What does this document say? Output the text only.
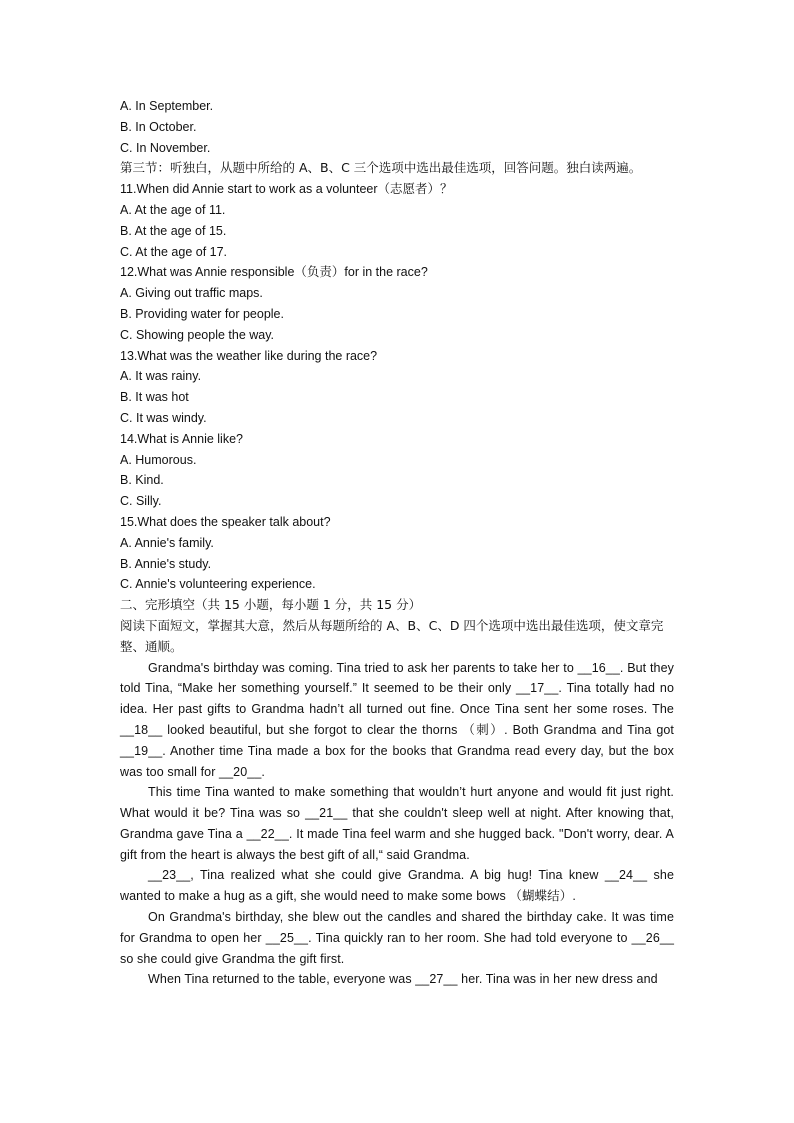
A. In September.

B. In October.

C. In November.

第三节：听独白，从题中所给的 A、B、C 三个选项中选出最佳选项，回答问题。独白读两遍。

11.When did Annie start to work as a volunteer（志愿者）？

A. At the age of 11.

B. At the age of 15.

C. At the age of 17.

12.What was Annie responsible（负责）for in the race?

A. Giving out traffic maps.

B. Providing water for people.

C. Showing people the way.

13.What was the weather like during the race?

A. It was rainy.

B. It was hot

C. It was windy.

14.What is Annie like?

A. Humorous.

B. Kind.

C. Silly.

15.What does the speaker talk about?

A. Annie's family.

B. Annie's study.

C. Annie's volunteering experience.

二、完形填空（共 15 小题，每小题 1 分，共 15 分）

阅读下面短文，掌握其大意，然后从每题所给的 A、B、C、D 四个选项中选出最佳选项，使文章完整、通顺。

Grandma's birthday was coming. Tina tried to ask her parents to take her to __16__. But they told Tina, “Make her something yourself.” It seemed to be their only __17__. Tina totally had no idea. Her past gifts to Grandma hadn’t all turned out fine. Once Tina sent her some roses. The __18__ looked beautiful, but she forgot to clear the thorns （刺）. Both Grandma and Tina got __19__. Another time Tina made a box for the books that Grandma read every day, but the box was too small for __20__.

This time Tina wanted to make something that wouldn’t hurt anyone and would fit just right. What would it be? Tina was so __21__ that she couldn't sleep well at night. After knowing that, Grandma gave Tina a __22__. It made Tina feel warm and she hugged back. "Don't worry, dear. A gift from the heart is always the best gift of all,“ said Grandma.

__23__, Tina realized what she could give Grandma. A big hug! Tina knew __24__ she wanted to make a hug as a gift, she would need to make some bows （蝴蝶结）.

On Grandma's birthday, she blew out the candles and shared the birthday cake. It was time for Grandma to open her __25__. Tina quickly ran to her room. She had told everyone to __26__ so she could give Grandma the gift first.

When Tina returned to the table, everyone was __27__ her. Tina was in her new dress and
